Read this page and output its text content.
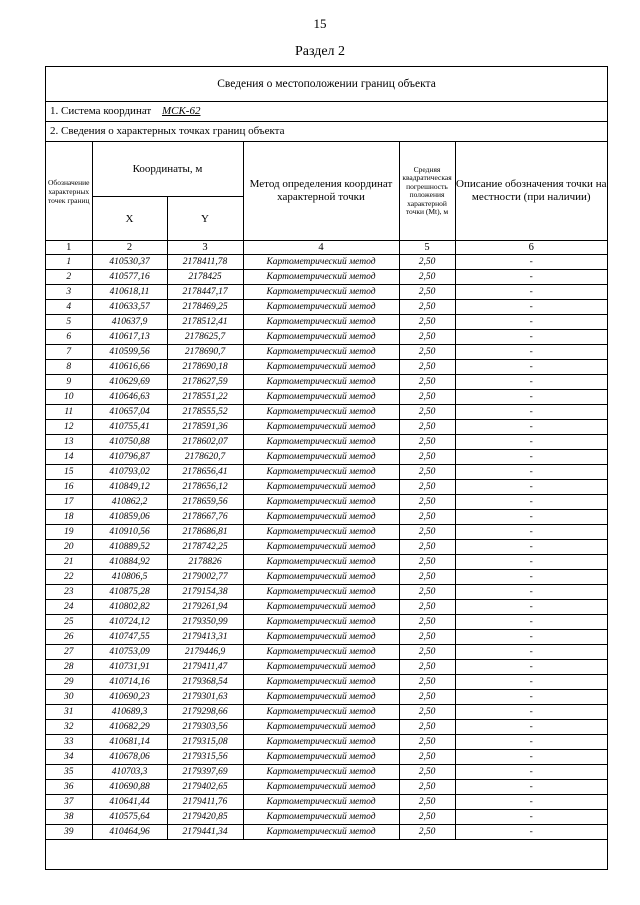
15
Раздел 2
Сведения о местоположении границ объекта
1. Система координат МСК-62
2. Сведения о характерных точках границ объекта
Обозначение характерных точек границ	Координаты, м		Метод определения координат характерной точки	Средняя квадратическая погрешность положения характерной точки (Mt), м	Описание обозначения точки на местности (при наличии)
	X	Y			
1	2	3	4	5	6
1	410530,37	2178411,78	Картометрический метод	2,50	-
2	410577,16	2178425	Картометрический метод	2,50	-
3	410618,11	2178447,17	Картометрический метод	2,50	-
4	410633,57	2178469,25	Картометрический метод	2,50	-
5	410637,9	2178512,41	Картометрический метод	2,50	-
6	410617,13	2178625,7	Картометрический метод	2,50	-
7	410599,56	2178690,7	Картометрический метод	2,50	-
8	410616,66	2178690,18	Картометрический метод	2,50	-
9	410629,69	2178627,59	Картометрический метод	2,50	-
10	410646,63	2178551,22	Картометрический метод	2,50	-
11	410657,04	2178555,52	Картометрический метод	2,50	-
12	410755,41	2178591,36	Картометрический метод	2,50	-
13	410750,88	2178602,07	Картометрический метод	2,50	-
14	410796,87	2178620,7	Картометрический метод	2,50	-
15	410793,02	2178656,41	Картометрический метод	2,50	-
16	410849,12	2178656,12	Картометрический метод	2,50	-
17	410862,2	2178659,56	Картометрический метод	2,50	-
18	410859,06	2178667,76	Картометрический метод	2,50	-
19	410910,56	2178686,81	Картометрический метод	2,50	-
20	410889,52	2178742,25	Картометрический метод	2,50	-
21	410884,92	2178826	Картометрический метод	2,50	-
22	410806,5	2179002,77	Картометрический метод	2,50	-
23	410875,28	2179154,38	Картометрический метод	2,50	-
24	410802,82	2179261,94	Картометрический метод	2,50	-
25	410724,12	2179350,99	Картометрический метод	2,50	-
26	410747,55	2179413,31	Картометрический метод	2,50	-
27	410753,09	2179446,9	Картометрический метод	2,50	-
28	410731,91	2179411,47	Картометрический метод	2,50	-
29	410714,16	2179368,54	Картометрический метод	2,50	-
30	410690,23	2179301,63	Картометрический метод	2,50	-
31	410689,3	2179298,66	Картометрический метод	2,50	-
32	410682,29	2179303,56	Картометрический метод	2,50	-
33	410681,14	2179315,08	Картометрический метод	2,50	-
34	410678,06	2179315,56	Картометрический метод	2,50	-
35	410703,3	2179397,69	Картометрический метод	2,50	-
36	410690,88	2179402,65	Картометрический метод	2,50	-
37	410641,44	2179411,76	Картометрический метод	2,50	-
38	410575,64	2179420,85	Картометрический метод	2,50	-
39	410464,96	2179441,34	Картометрический метод	2,50	-
